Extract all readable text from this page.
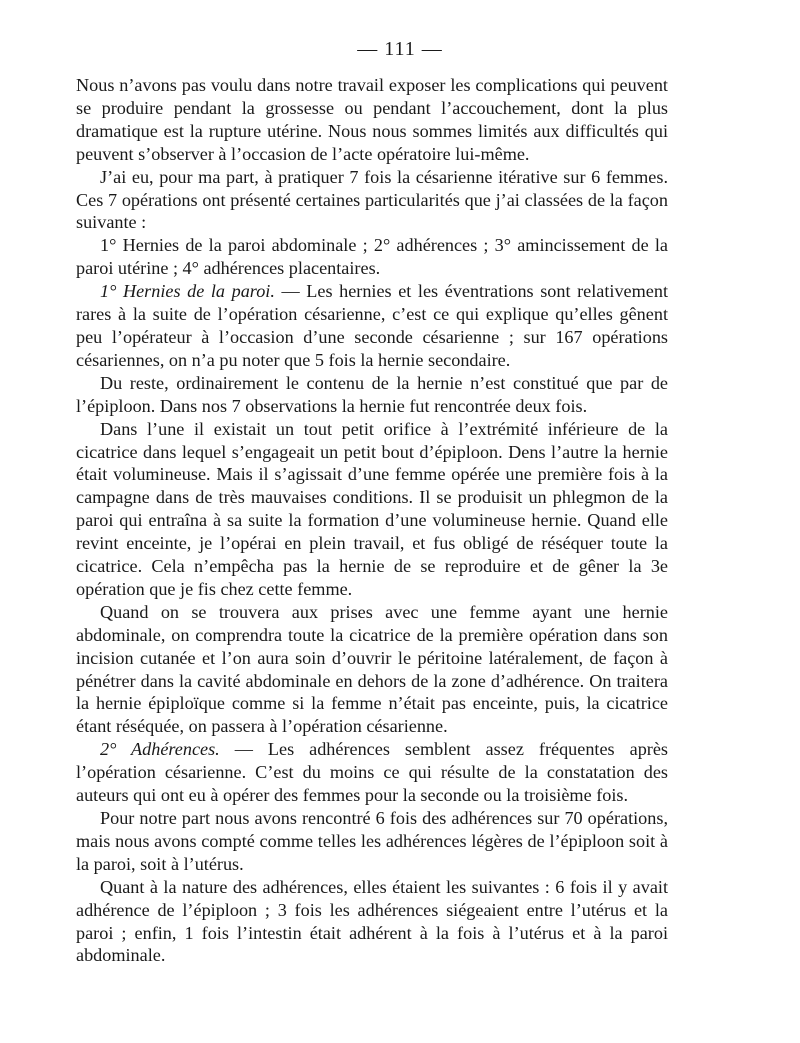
— 111 —

Nous n’avons pas voulu dans notre travail exposer les complications qui peuvent se produire pendant la grossesse ou pendant l’accouchement, dont la plus dramatique est la rupture utérine. Nous nous sommes limités aux difficultés qui peuvent s’observer à l’occasion de l’acte opératoire lui-même.

J’ai eu, pour ma part, à pratiquer 7 fois la césarienne itérative sur 6 femmes. Ces 7 opérations ont présenté certaines particularités que j’ai classées de la façon suivante :

1° Hernies de la paroi abdominale ; 2° adhérences ; 3° amincissement de la paroi utérine ; 4° adhérences placentaires.

1° Hernies de la paroi. — Les hernies et les éventrations sont relativement rares à la suite de l’opération césarienne, c’est ce qui explique qu’elles gênent peu l’opérateur à l’occasion d’une seconde césarienne ; sur 167 opérations césariennes, on n’a pu noter que 5 fois la hernie secondaire.

Du reste, ordinairement le contenu de la hernie n’est constitué que par de l’épiploon. Dans nos 7 observations la hernie fut rencontrée deux fois.

Dans l’une il existait un tout petit orifice à l’extrémité inférieure de la cicatrice dans lequel s’engageait un petit bout d’épiploon. Dens l’autre la hernie était volumineuse. Mais il s’agissait d’une femme opérée une première fois à la campagne dans de très mauvaises conditions. Il se produisit un phlegmon de la paroi qui entraîna à sa suite la formation d’une volumineuse hernie. Quand elle revint enceinte, je l’opérai en plein travail, et fus obligé de réséquer toute la cicatrice. Cela n’empêcha pas la hernie de se reproduire et de gêner la 3e opération que je fis chez cette femme.

Quand on se trouvera aux prises avec une femme ayant une hernie abdominale, on comprendra toute la cicatrice de la première opération dans son incision cutanée et l’on aura soin d’ouvrir le péritoine latéralement, de façon à pénétrer dans la cavité abdominale en dehors de la zone d’adhérence. On traitera la hernie épiploïque comme si la femme n’était pas enceinte, puis, la cicatrice étant réséquée, on passera à l’opération césarienne.

2° Adhérences. — Les adhérences semblent assez fréquentes après l’opération césarienne. C’est du moins ce qui résulte de la constatation des auteurs qui ont eu à opérer des femmes pour la seconde ou la troisième fois.

Pour notre part nous avons rencontré 6 fois des adhérences sur 70 opérations, mais nous avons compté comme telles les adhérences légères de l’épiploon soit à la paroi, soit à l’utérus.

Quant à la nature des adhérences, elles étaient les suivantes : 6 fois il y avait adhérence de l’épiploon ; 3 fois les adhérences siégeaient entre l’utérus et la paroi ; enfin, 1 fois l’intestin était adhérent à la fois à l’utérus et à la paroi abdominale.
